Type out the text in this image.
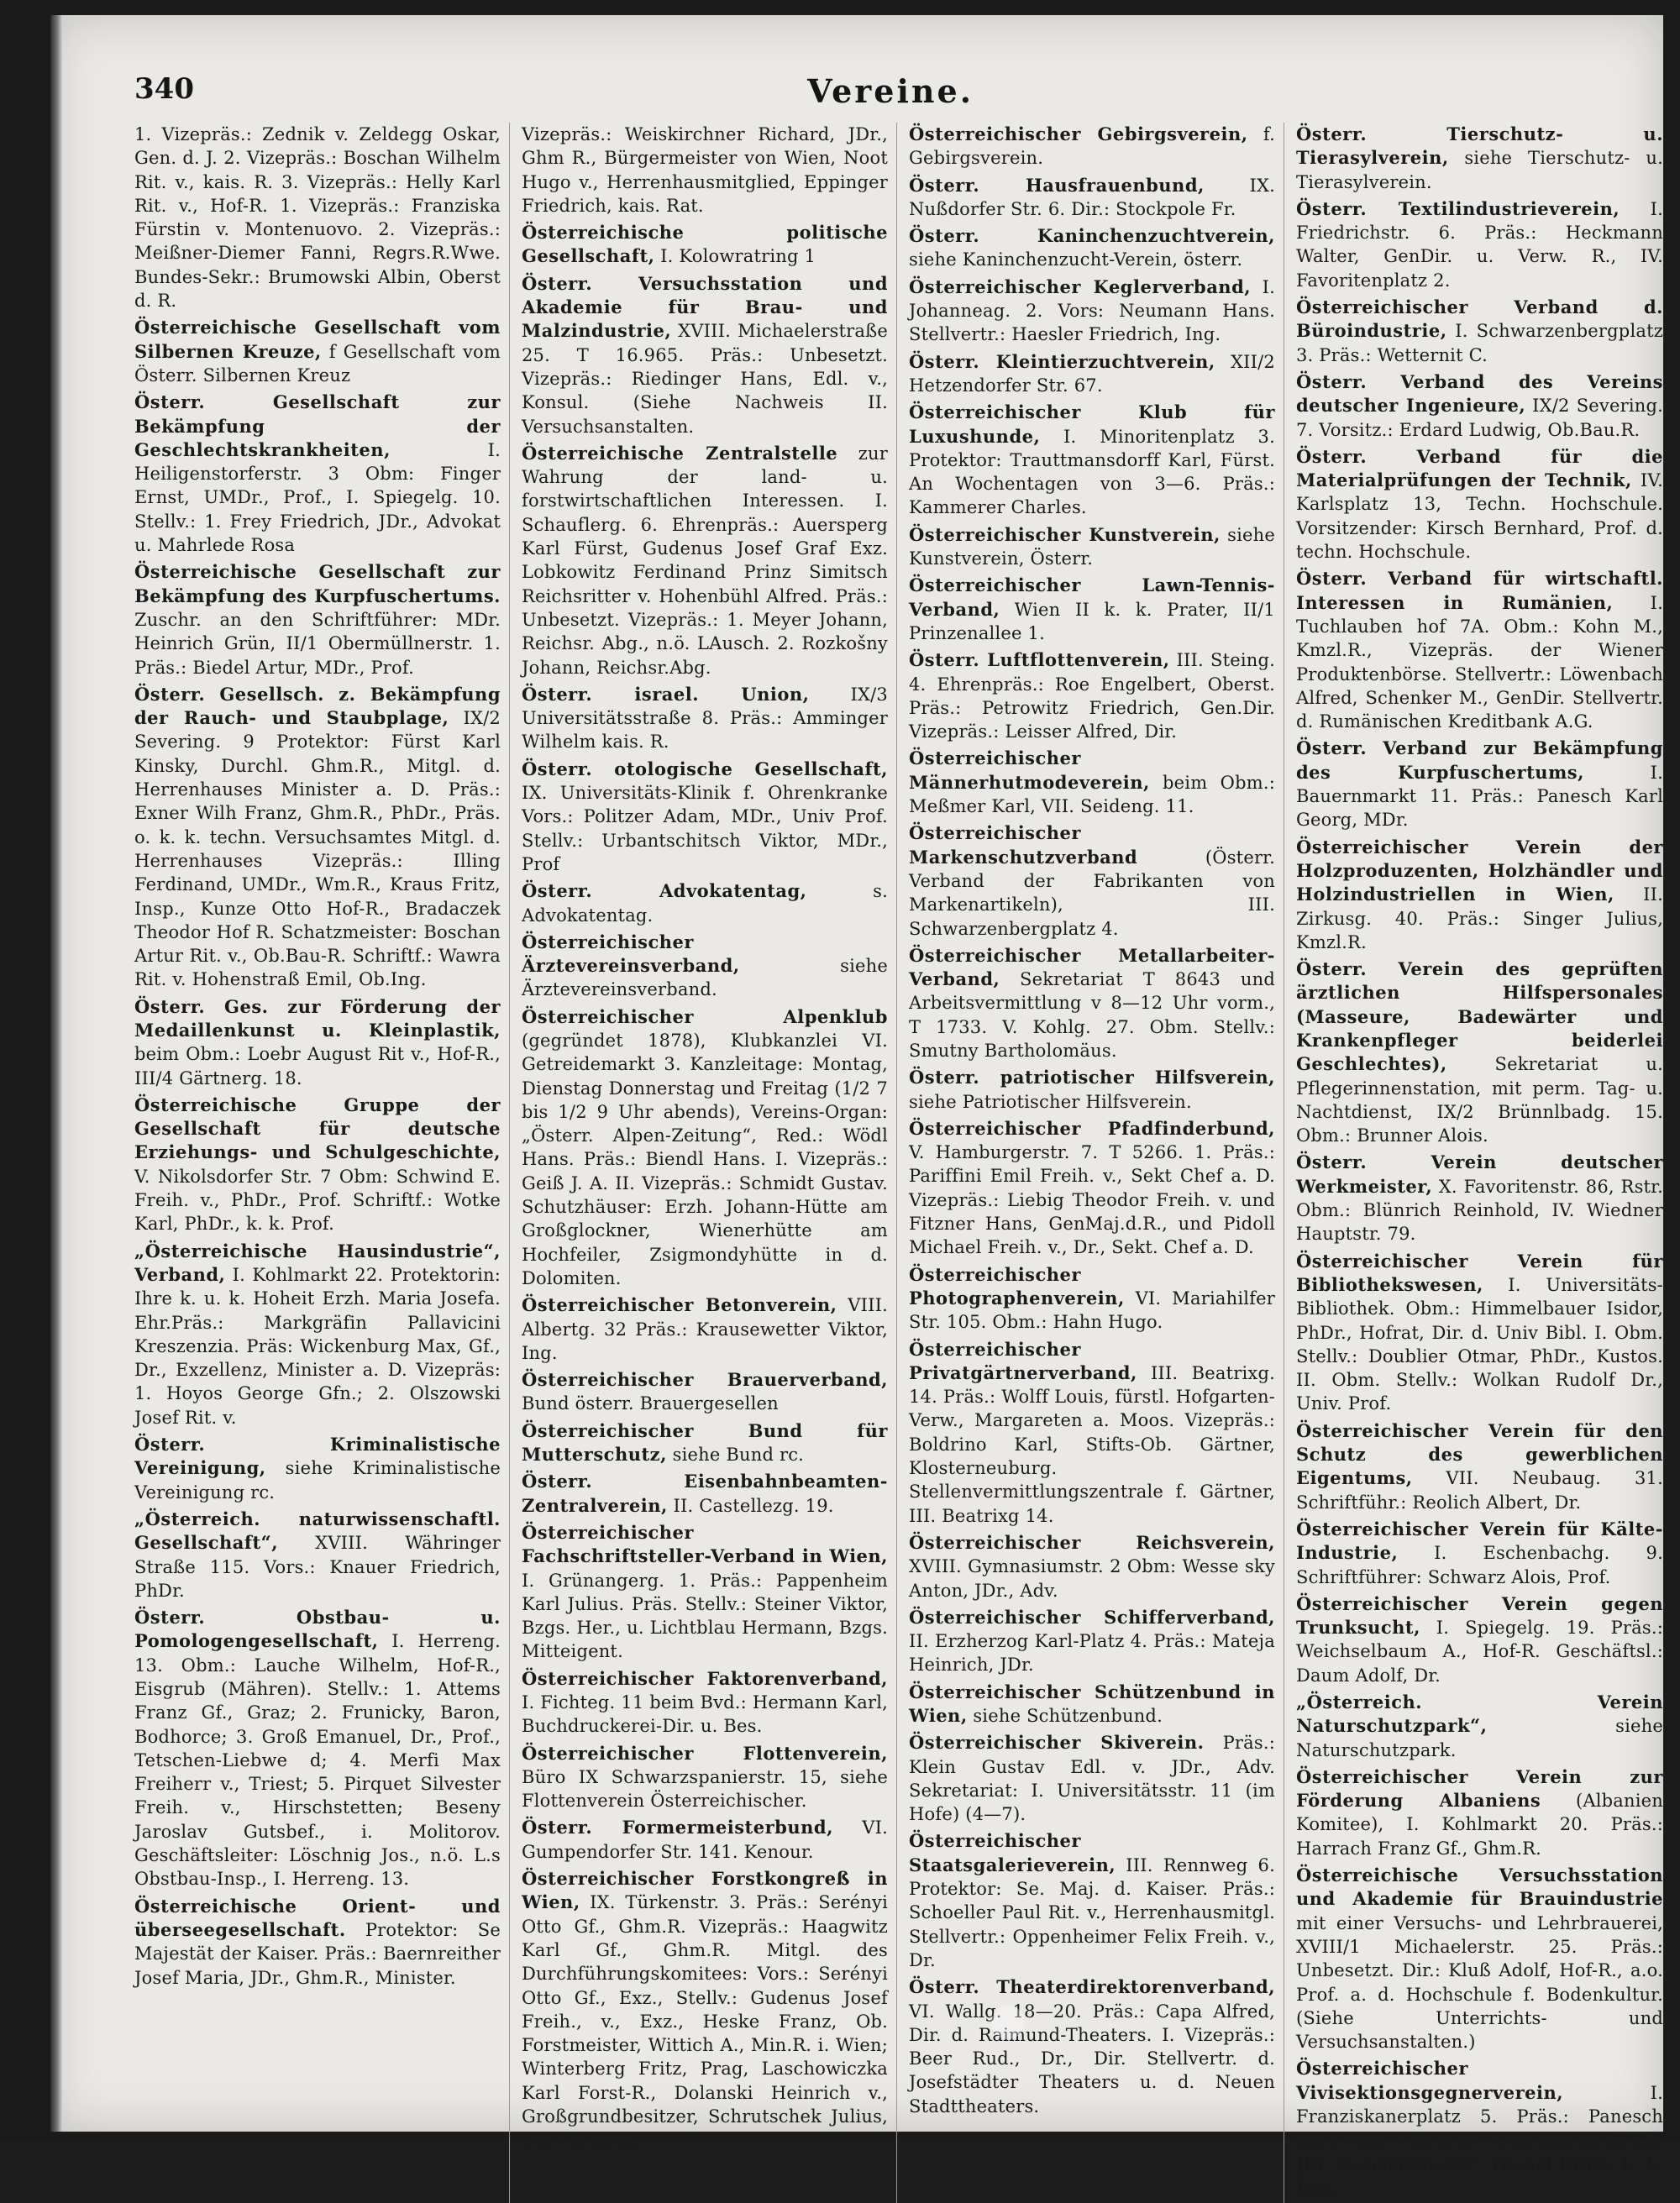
340	Vereine.

1. Vizepräs.: Zednik v. Zeldegg Oskar, Gen. d. J. 2. Vizepräs.: Boschan Wilhelm Rit. v., kais. R. 3. Vizepräs.: Helly Karl Rit. v., Hof-R. 1. Vizepräs.: Franziska Fürstin v. Montenuovo. 2. Vizepräs.: Meißner-Diemer Fanni, Regrs.R.Wwe. Bundes-Sekr.: Brumowski Albin, Oberst d. R.

Österreichische Gesellschaft vom Silbernen Kreuze, f Gesellschaft vom Österr. Silbernen Kreuz

Österr. Gesellschaft zur Bekämpfung der Geschlechtskrankheiten,	I. Heiligenstorferstr. 3 Obm: Finger Ernst, UMDr., Prof., I. Spiegelg. 10. Stellv.: 1. Frey Friedrich, JDr., Advokat u. Mahrlede Rosa

Österreichische Gesellschaft zur Bekämpfung des Kurpfuschertums. Zuschr. an den Schriftführer: MDr. Heinrich Grün, II/1 Obermüllnerstr. 1. Präs.: Biedel Artur, MDr., Prof.

Österr. Gesellsch. z. Bekämpfung der Rauch- und Staubplage, IX/2 Severing. 9 Protektor: Fürst Karl Kinsky, Durchl. Ghm.R., Mitgl. d. Herrenhauses Minister a. D. Präs.: Exner Wilh Franz, Ghm.R., PhDr., Präs. o. k. k. techn. Versuchsamtes Mitgl. d. Herrenhauses Vizepräs.: Illing Ferdinand, UMDr., Wm.R., Kraus Fritz, Insp., Kunze Otto Hof-R., Bradaczek Theodor Hof R. Schatzmeister: Boschan Artur Rit. v., Ob.Bau-R. Schriftf.: Wawra Rit. v. Hohenstraß Emil, Ob.Ing.

Österr. Ges. zur Förderung der Medaillenkunst u. Kleinplastik, beim Obm.: Loebr August Rit v., Hof-R., III/4 Gärtnerg. 18.

Österreichische Gruppe der Gesellschaft für deutsche Erziehungs- und Schulgeschichte, V. Nikolsdorfer Str. 7 Obm: Schwind E. Freih. v., PhDr., Prof. Schriftf.: Wotke Karl, PhDr., k. k. Prof.

„Österreichische Hausindustrie“, Verband, I. Kohlmarkt 22. Protektorin: Ihre k. u. k. Hoheit Erzh. Maria Josefa. Ehr.Präs.: Markgräfin Pallavicini Kreszenzia. Präs: Wickenburg Max, Gf., Dr., Exzellenz, Minister a. D. Vizepräs: 1. Hoyos George Gfn.; 2. Olszowski Josef Rit. v.

Österr. Kriminalistische Vereinigung, siehe Kriminalistische Vereinigung rc.

„Österreich. naturwissenschaftl. Gesellschaft“, XVIII. Währinger Straße 115. Vors.: Knauer Friedrich, PhDr.

Österr. Obstbau- u. Pomologengesellschaft, I. Herreng. 13. Obm.: Lauche Wilhelm, Hof-R., Eisgrub (Mähren). Stellv.: 1. Attems Franz Gf., Graz; 2. Frunicky, Baron, Bodhorce; 3. Groß Emanuel, Dr., Prof., Tetschen-Liebwe d; 4. Merfi Max Freiherr v., Triest; 5. Pirquet Silvester Freih. v., Hirschstetten; Beseny Jaroslav Gutsbef., i. Molitorov. Geschäftsleiter: Löschnig Jos., n.ö. L.s Obstbau-Insp., I. Herreng. 13.

Österreichische Orient- und überseegesellschaft. Protektor: Se Majestät der Kaiser. Präs.: Baernreither Josef Maria, JDr., Ghm.R., Minister.

Vizepräs.: Weiskirchner Richard, JDr., Ghm R., Bürgermeister von Wien, Noot Hugo v., Herrenhausmitglied, Eppinger Friedrich, kais. Rat.

Österreichische politische Gesellschaft, I. Kolowratring 1

Österr. Versuchsstation und Akademie für Brau- und Malzindustrie, XVIII. Michaelerstraße 25. T 16.965. Präs.: Unbesetzt. Vizepräs.: Riedinger Hans, Edl. v., Konsul. (Siehe Nachweis II. Versuchsanstalten.

Österreichische Zentralstelle zur Wahrung der land- u. forstwirtschaftlichen Interessen. I. Schauflerg. 6. Ehrenpräs.: Auersperg Karl Fürst, Gudenus Josef Graf Exz. Lobkowitz Ferdinand Prinz Simitsch Reichsritter v. Hohenbühl Alfred. Präs.: Unbesetzt. Vizepräs.: 1. Meyer Johann, Reichsr. Abg., n.ö. LAusch. 2. Rozkošny Johann, Reichsr.Abg.

Österr. israel. Union, IX/3 Universitätsstraße 8. Präs.: Amminger Wilhelm kais. R.

Österr. otologische Gesellschaft, IX. Universitäts-Klinik f. Ohrenkranke Vors.: Politzer Adam, MDr., Univ Prof. Stellv.: Urbantschitsch Viktor, MDr., Prof

Österr. Advokatentag,	s. Advokatentag.

Österreichischer Ärztevereinsverband,	siehe Ärztevereinsverband.

Österreichischer Alpenklub (gegründet 1878), Klubkanzlei VI. Getreidemarkt 3. Kanzleitage: Montag, Dienstag Donnerstag und Freitag (1/2 7 bis 1/2 9 Uhr abends), Vereins-Organ: „Österr. Alpen-Zeitung“, Red.: Wödl Hans. Präs.: Biendl Hans. I. Vizepräs.: Geiß J. A. II. Vizepräs.: Schmidt Gustav. Schutzhäuser: Erzh. Johann-Hütte am Großglockner, Wienerhütte am Hochfeiler, Zsigmondyhütte in d. Dolomiten.

Österreichischer Betonverein, VIII. Albertg. 32 Präs.: Krausewetter Viktor, Ing.

Österreichischer Brauerverband, Bund österr. Brauergesellen

Österreichischer Bund für Mutterschutz, siehe Bund rc.

Österr. Eisenbahnbeamten-Zentralverein, II. Castellezg. 19.

Österreichischer Fachschriftsteller-Verband in Wien, I. Grünangerg. 1. Präs.: Pappenheim Karl Julius. Präs. Stellv.: Steiner Viktor, Bzgs. Her., u. Lichtblau Hermann, Bzgs. Mitteigent.

Österreichischer Faktorenverband, I. Fichteg. 11 beim Bvd.: Hermann Karl, Buchdruckerei-Dir. u. Bes.

Österreichischer Flottenverein, Büro IX Schwarzspanierstr. 15, siehe Flottenverein Österreichischer.

Österr. Formermeisterbund, VI. Gumpendorfer Str. 141. Kenour.

Österreichischer Forstkongreß in Wien, IX. Türkenstr. 3. Präs.: Serényi Otto Gf., Ghm.R. Vizepräs.: Haagwitz Karl Gf., Ghm.R. Mitgl. des Durchführungskomitees: Vors.: Serényi Otto Gf., Exz., Stellv.: Gudenus Josef Freih., v., Exz., Heske Franz, Ob. Forstmeister, Wittich A., Min.R. i. Wien; Winterberg Fritz, Prag, Laschowiczka Karl Forst-R., Dolanski Heinrich v., Großgrundbesitzer, Schrutschek Julius, Ob. Forstrat.

Österreichischer Gebirgsverein, f. Gebirgsverein.

Österr. Hausfrauenbund,	IX. Nußdorfer Str. 6. Dir.: Stockpole Fr.

Österr. Kaninchenzuchtverein, siehe Kaninchenzucht-Verein, österr.

Österreichischer Keglerverband, I. Johanneag. 2. Vors: Neumann Hans. Stellvertr.: Haesler Friedrich, Ing.

Österr. Kleintierzuchtverein, XII/2 Hetzendorfer Str. 67.

Österreichischer Klub für Luxushunde, I. Minoritenplatz 3. Protektor: Trauttmansdorff Karl, Fürst. An Wochentagen von 3—6. Präs.: Kammerer Charles.

Österreichischer Kunstverein, siehe Kunstverein, Österr.

Österreichischer Lawn-Tennis-Verband, Wien II k. k. Prater, II/1 Prinzenallee 1.

Österr. Luftflottenverein, III. Steing. 4. Ehrenpräs.: Roe Engelbert, Oberst. Präs.: Petrowitz Friedrich, Gen.Dir. Vizepräs.: Leisser Alfred, Dir.

Österreichischer Männerhutmodeverein, beim Obm.: Meßmer Karl, VII. Seideng. 11.

Österreichischer Markenschutzverband	(Österr. Verband der Fabrikanten von Markenartikeln), III. Schwarzenbergplatz 4.

Österreichischer Metallarbeiter-Verband, Sekretariat T 8643 und Arbeitsvermittlung v 8—12 Uhr vorm., T 1733. V. Kohlg. 27. Obm. Stellv.: Smutny Bartholomäus.

Österr. patriotischer Hilfsverein, siehe Patriotischer Hilfsverein.

Österreichischer Pfadfinderbund, V. Hamburgerstr. 7. T 5266. 1. Präs.: Pariffini Emil Freih. v., Sekt Chef a. D. Vizepräs.: Liebig Theodor Freih. v. und Fitzner Hans, GenMaj.d.R., und Pidoll Michael Freih. v., Dr., Sekt. Chef a. D.

Österreichischer Photographenverein, VI. Mariahilfer Str. 105. Obm.: Hahn Hugo.

Österreichischer Privatgärtnerverband, III. Beatrixg. 14. Präs.: Wolff Louis, fürstl. Hofgarten-Verw., Margareten a. Moos. Vizepräs.: Boldrino Karl, Stifts-Ob. Gärtner, Klosterneuburg. Stellenvermittlungszentrale f. Gärtner, III. Beatrixg 14.

Österreichischer Reichsverein, XVIII. Gymnasiumstr. 2 Obm: Wesse sky Anton, JDr., Adv.

Österreichischer Schifferverband, II. Erzherzog Karl-Platz 4. Präs.: Mateja Heinrich, JDr.

Österreichischer Schützenbund in Wien, siehe Schützenbund.

Österreichischer Skiverein. Präs.: Klein Gustav Edl. v. JDr., Adv. Sekretariat: I. Universitätsstr. 11 (im Hofe) (4—7).

Österreichischer Staatsgalerieverein, III. Rennweg 6. Protektor: Se. Maj. d. Kaiser. Präs.: Schoeller Paul Rit. v., Herrenhausmitgl. Stellvertr.: Oppenheimer Felix Freih. v., Dr.

Österr. Theaterdirektorenverband, VI. Wallg. 18—20. Präs.: Capa Alfred, Dir. d. Raimund-Theaters. I. Vizepräs.: Beer Rud., Dr., Dir. Stellvertr. d. Josefstädter Theaters u. d. Neuen Stadttheaters.

Österr. Tierschutz- u. Tierasylverein, siehe Tierschutz- u. Tierasylverein.

Österr. Textilindustrieverein, I. Friedrichstr. 6. Präs.: Heckmann Walter, GenDir. u. Verw. R., IV. Favoritenplatz 2.

Österreichischer Verband d. Büroindustrie, I. Schwarzenbergplatz 3. Präs.: Wetternit C.

Österr. Verband des Vereins deutscher Ingenieure, IX/2 Severing. 7. Vorsitz.: Erdard Ludwig, Ob.Bau.R.

Österr. Verband für die Materialprüfungen der Technik, IV. Karlsplatz 13, Techn. Hochschule. Vorsitzender: Kirsch Bernhard, Prof. d. techn. Hochschule.

Österr. Verband für wirtschaftl. Interessen in Rumänien, I. Tuchlauben hof 7A. Obm.: Kohn M., Kmzl.R., Vizepräs. der Wiener Produktenbörse. Stellvertr.: Löwenbach Alfred, Schenker M., GenDir. Stellvertr. d. Rumänischen Kreditbank A.G.

Österr. Verband zur Bekämpfung des Kurpfuschertums,	I. Bauernmarkt 11. Präs.: Panesch Karl Georg, MDr.

Österreichischer Verein der Holzproduzenten, Holzhändler und Holzindustriellen in Wien, II. Zirkusg. 40. Präs.: Singer Julius, Kmzl.R.

Österr. Verein des geprüften ärztlichen Hilfspersonales (Masseure, Badewärter und Krankenpfleger beiderlei Geschlechtes),	Sekretariat u. Pflegerinnenstation, mit perm. Tag- u. Nachtdienst, IX/2 Brünnlbadg. 15. Obm.: Brunner Alois.

Österr. Verein deutscher Werkmeister, X. Favoritenstr. 86, Rstr. Obm.: Blünrich Reinhold, IV. Wiedner Hauptstr. 79.

Österreichischer Verein für Bibliothekswesen, I. Universitäts-Bibliothek. Obm.: Himmelbauer Isidor, PhDr., Hofrat, Dir. d. Univ Bibl. I. Obm. Stellv.: Doublier Otmar, PhDr., Kustos. II. Obm. Stellv.: Wolkan Rudolf Dr., Univ. Prof.

Österreichischer Verein für den Schutz des gewerblichen Eigentums, VII. Neubaug. 31. Schriftführ.: Reolich Albert, Dr.

Österreichischer Verein für Kälte-Industrie, I. Eschenbachg. 9. Schriftführer: Schwarz Alois, Prof.

Österreichischer Verein gegen Trunksucht, I. Spiegelg. 19. Präs.: Weichselbaum A., Hof-R. Geschäftsl.: Daum Adolf, Dr.

„Österreich. Verein Naturschutzpark“,	siehe Naturschutzpark.

Österreichischer Verein zur Förderung Albaniens (Albanien Komitee), I. Kohlmarkt 20. Präs.: Harrach Franz Gf., Ghm.R.

Österreichische Versuchsstation und Akademie für Brauindustrie mit einer Versuchs- und Lehrbrauerei, XVIII/1 Michaelerstr. 25. Präs.: Unbesetzt. Dir.: Kluß Adolf, Hof-R., a.o. Prof. a. d. Hochschule f. Bodenkultur. (Siehe Unterrichts- und Versuchsanstalten.)

Österreichischer Vivisektionsgegnerverein,	I. Franziskanerplatz 5. Präs.: Panesch Karl, MDr. Vizepräs.: Boschan Heinrich, JDr. Geschäftsleiter: Thanel Ernst, k. k. Bmt.
